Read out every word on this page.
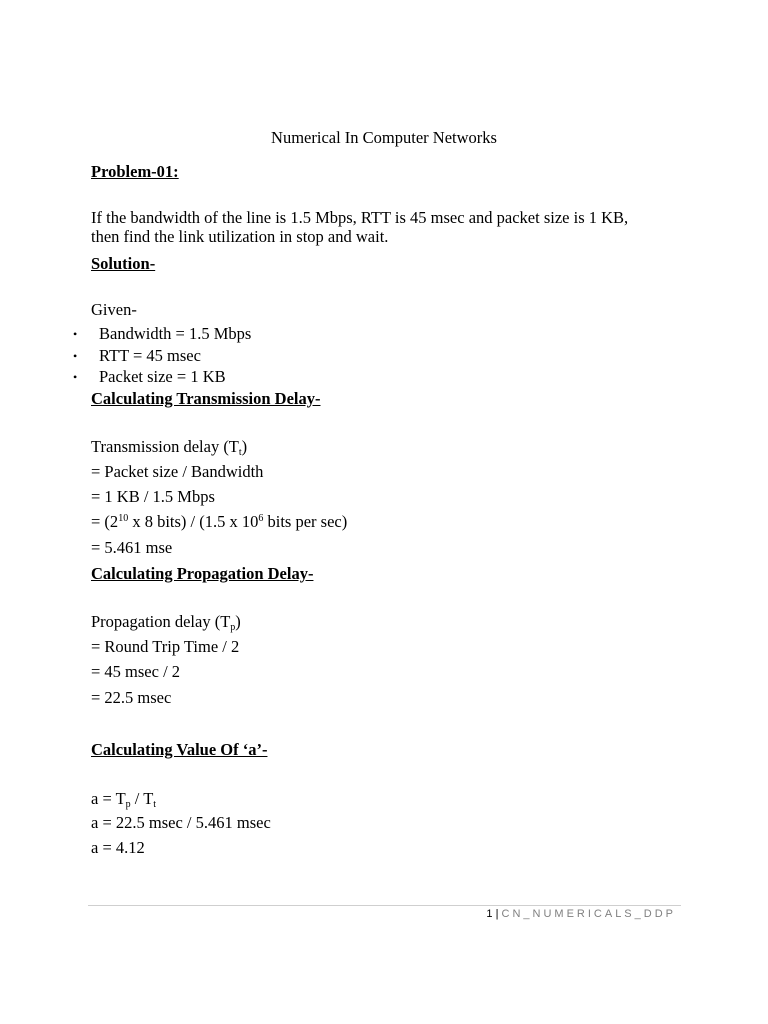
Numerical In Computer Networks
Problem-01:
If the bandwidth of the line is 1.5 Mbps, RTT is 45 msec and packet size is 1 KB,
then find the link utilization in stop and wait.
Solution-
Given-
• Bandwidth = 1.5 Mbps
• RTT = 45 msec
• Packet size = 1 KB
Calculating Transmission Delay-
Transmission delay $(T_t)$
= Packet size / Bandwidth
= 1 KB / 1.5 Mbps
= ($2^{10}$ x 8 bits) / (1.5 x $10^6$ bits per sec)
= 5.461 mse
Calculating Propagation Delay-
Propagation delay $(T_p)$
= Round Trip Time / 2
= 45 msec / 2
= 22.5 msec
Calculating Value Of ‘a’-
$a = T_p / T_t$
a = 22.5 msec / 5.461 msec
a = 4.12
1 | CN_NUMERICALS_DDP
